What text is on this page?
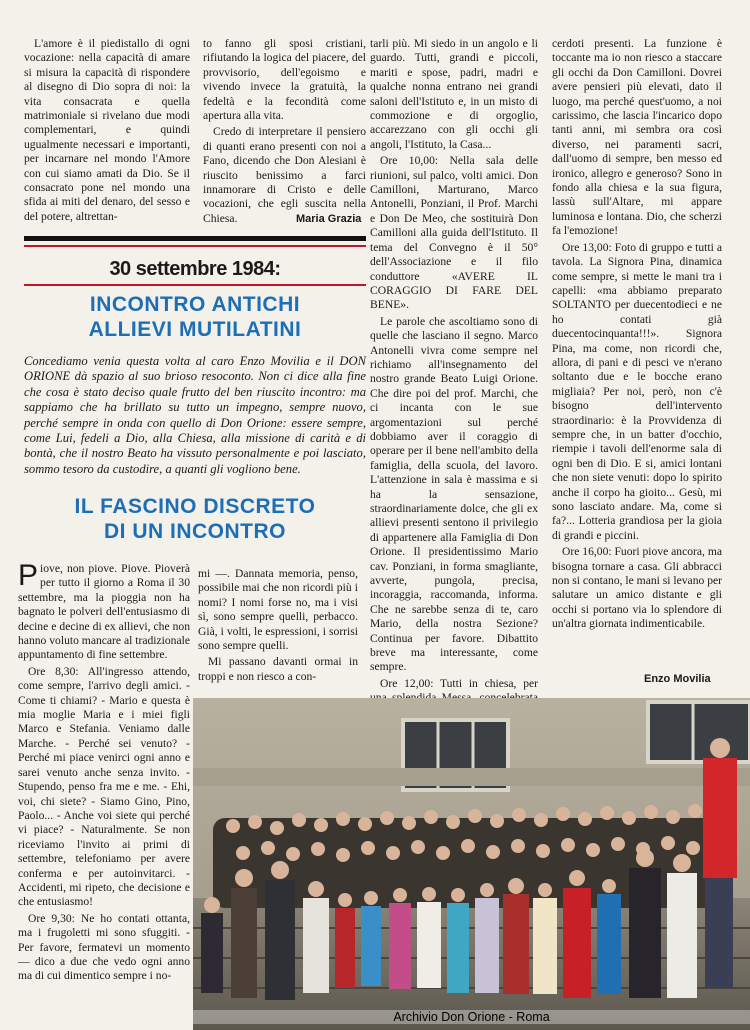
L'amore è il piedistallo di ogni vocazione: nella capacità di amare si misura la capacità di rispondere al disegno di Dio sopra di noi: la vita consacrata e quella matrimoniale si rivelano due modi complementari, e quindi ugualmente necessari e importanti, per incarnare nel mondo l'Amore con cui siamo amati da Dio. Se il consacrato pone nel mondo una sfida ai miti del denaro, del sesso e del potere, altrettan-

to fanno gli sposi cristiani, rifiutando la logica del piacere, del provvisorio, dell'egoismo e vivendo invece la gratuità, la fedeltà e la fecondità come apertura alla vita.

Credo di interpretare il pensiero di quanti erano presenti con noi a Fano, dicendo che Don Alesiani è riuscito benissimo a farci innamorare di Cristo e delle vocazioni, che egli suscita nella Chiesa.	Maria Grazia
30 settembre 1984:
INCONTRO ANTICHI
ALLIEVI MUTILATINI
Concediamo venia questa volta al caro Enzo Movilia e il DON ORIONE dà spazio al suo brioso resoconto. Non ci dice alla fine che cosa è stato deciso quale frutto del ben riuscito incontro: ma sappiamo che ha brillato su tutto un impegno, sempre nuovo, perché sempre in onda con quello di Don Orione: essere sempre, come Lui, fedeli a Dio, alla Chiesa, alla missione di carità e di bontà, che il nostro Beato ha vissuto personalmente e poi lasciato, sommo tesoro da custodire, a quanti gli vogliono bene.
IL FASCINO DISCRETO
DI UN INCONTRO

Piove, non piove. Piove. Pioverà per tutto il giorno a Roma il 30 settembre, ma la pioggia non ha bagnato le polveri dell'entusiasmo di decine e decine di ex allievi, che non hanno voluto mancare al tradizionale appuntamento di fine settembre.

Ore 8,30: All'ingresso attendo, come sempre, l'arrivo degli amici. - Come ti chiami? - Mario e questa è mia moglie Maria e i miei figli Marco e Stefania. Veniamo dalle Marche. - Perché sei venuto? - Perché mi piace venirci ogni anno e sarei venuto anche senza invito. - Stupendo, penso fra me e me. - Ehi, voi, chi siete? - Siamo Gino, Pino, Paolo... - Anche voi siete qui perché vi piace? - Naturalmente. Se non riceviamo l'invito ai primi di settembre, telefoniamo per avere conferma e per autoinvitarci. - Accidenti, mi ripeto, che decisione e che entusiasmo!

Ore 9,30: Ne ho contati ottanta, ma i frugoletti mi sono sfuggiti. - Per favore, fermatevi un momento — dico a due che vedo ogni anno ma di cui dimentico sempre i no-

mi —. Dannata memoria, penso, possibile mai che non ricordi più i nomi? I nomi forse no, ma i visi sì, sono sempre quelli, perbacco. Già, i volti, le espressioni, i sorrisi sono sempre quelli.

Mi passano davanti ormai in troppi e non riesco a con-

tarli più. Mi siedo in un angolo e li guardo. Tutti, grandi e piccoli, mariti e spose, padri, madri e qualche nonna entrano nei grandi saloni dell'Istituto e, in un misto di commozione e di orgoglio, accarezzano con gli occhi gli angoli, l'Istituto, la Casa...

Ore 10,00: Nella sala delle riunioni, sul palco, volti amici. Don Camilloni, Marturano, Marco Antonelli, Ponziani, il Prof. Marchi e Don De Meo, che sostituirà Don Camilloni alla guida dell'Istituto. Il tema del Convegno è il 50° dell'Associazione e il filo conduttore «AVERE IL CORAGGIO DI FARE DEL BENE».

Le parole che ascoltiamo sono di quelle che lasciano il segno. Marco Antonelli vivra come sempre nel richiamo all'insegnamento del nostro grande Beato Luigi Orione. Che dire poi del prof. Marchi, che ci incanta con le sue argomentazioni sul perché dobbiamo aver il coraggio di operare per il bene nell'ambito della famiglia, della scuola, del lavoro. L'attenzione in sala è massima e si ha la sensazione, straordinariamente dolce, che gli ex allievi presenti sentono il privilegio di appartenere alla Famiglia di Don Orione. Il presidentissimo Mario cav. Ponziani, in forma smagliante, avverte, pungola, precisa, incoraggia, raccomanda, informa. Che ne sarebbe senza di te, caro Mario, della nostra Sezione? Continua per favore. Dibattito breve ma interessante, come sempre.

Ore 12,00: Tutti in chiesa, per

cerdoti presenti. La funzione è toccante ma io non riesco a staccare gli occhi da Don Camilloni. Dovrei avere pensieri più elevati, dato il luogo, ma perché quest'uomo, a noi carissimo, che lascia l'incarico dopo tanti anni, mi sembra ora così diverso, nei paramenti sacri, dall'uomo di sempre, ben messo ed ironico, allegro e generoso? Sono in fondo alla chiesa e la sua figura, lassù sull'Altare, mi appare luminosa e lontana. Dio, che scherzi fa l'emozione!

Ore 13,00: Foto di gruppo e tutti a tavola. La Signora Pina, dinamica come sempre, si mette le mani tra i capelli: «ma abbiamo preparato SOLTANTO per duecentodieci e ne ho contati già duecentocinquanta!!!». Signora Pina, ma come, non ricordi che, allora, di pani e di pesci ve n'erano soltanto due e le bocche erano migliaia? Per noi, però, non c'è bisogno dell'intervento straordinario: è la Provvidenza di sempre che, in un batter d'occhio, riempie i tavoli dell'enorme sala di ogni ben di Dio. E si, amici lontani che non siete venuti: dopo lo spirito anche il corpo ha gioito... Gesù, mi sono lasciato andare. Ma, come si fa?... Lotteria grandiosa per la gioia di grandi e piccini.

Ore 16,00: Fuori piove ancora, ma bisogna tornare a casa. Gli abbracci non si contano, le mani si levano per salutare un amico distante e gli occhi si portano via lo splendore di un'altra giornata indimenticabile.

Enzo Movilia
Archivio Don Orione - Roma
